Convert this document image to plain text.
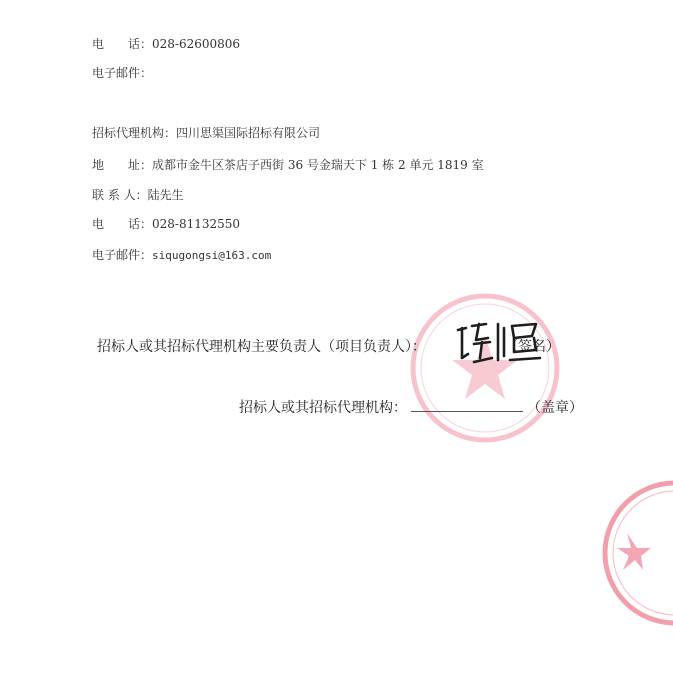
电　　话：028-62600806
电子邮件：
招标代理机构：四川思渠国际招标有限公司
地　　址：成都市金牛区茶店子西街 36 号金瑞天下 1 栋 2 单元 1819 室
联 系 人：陆先生
电　　话：028-81132550
电子邮件：siqugongsi@163.com
招标人或其招标代理机构主要负责人（项目负责人）：	（签名）
招标人或其招标代理机构：	（盖章）
